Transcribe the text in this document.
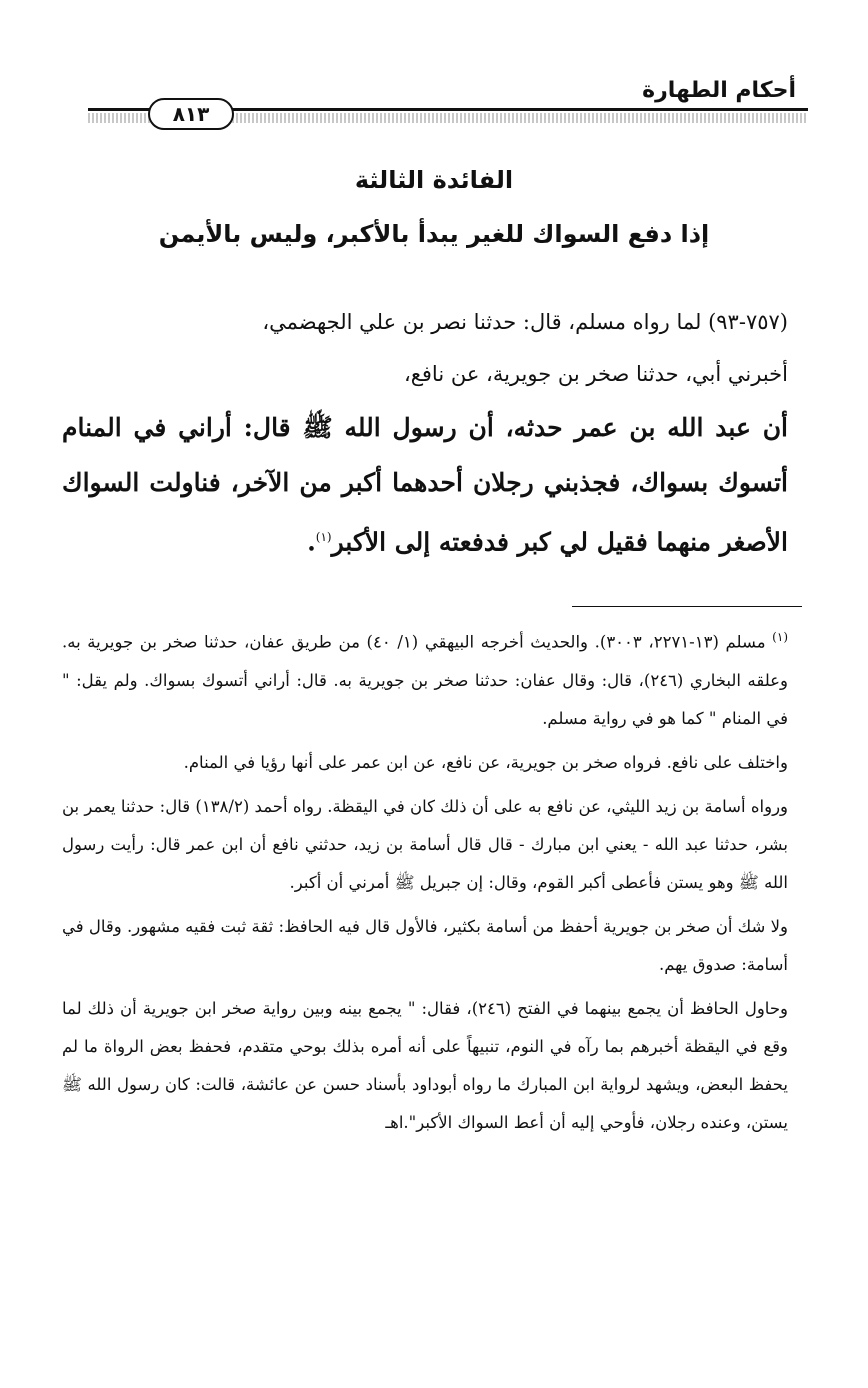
أحكام الطهارة
٨١٣
الفائدة الثالثة
إذا دفع السواك للغير يبدأ بالأكبر، وليس بالأيمن

(٧٥٧-٩٣) لما رواه مسلم، قال: حدثنا نصر بن علي الجهضمي،

أخبرني أبي، حدثنا صخر بن جويرية، عن نافع،

أن عبد الله بن عمر حدثه، أن رسول الله ﷺ قال: أراني في المنام
أتسوك بسواك، فجذبني رجلان أحدهما أكبر من الآخر، فناولت السواك
الأصغر منهما فقيل لي كبر فدفعته إلى الأكبر$^{(١)}$.

$^{(١)}$ مسلم (١٣-٢٢٧١، ٣٠٠٣). والحديث أخرجه البيهقي (١/ ٤٠) من طريق عفان، حدثنا صخر بن جويرية به. وعلقه البخاري (٢٤٦)، قال: وقال عفان: حدثنا صخر بن جويرية به. قال: أراني أتسوك بسواك. ولم يقل: " في المنام " كما هو في رواية مسلم.

واختلف على نافع. فرواه صخر بن جويرية، عن نافع، عن ابن عمر على أنها رؤيا في المنام.

ورواه أسامة بن زيد الليثي، عن نافع به على أن ذلك كان في اليقظة. رواه أحمد (١٣٨/٢) قال: حدثنا يعمر بن بشر، حدثنا عبد الله - يعني ابن مبارك - قال قال أسامة بن زيد، حدثني نافع أن ابن عمر قال: رأيت رسول الله ﷺ وهو يستن فأعطى أكبر القوم، وقال: إن جبريل ﷺ أمرني أن أكبر.

ولا شك أن صخر بن جويرية أحفظ من أسامة بكثير، فالأول قال فيه الحافظ: ثقة ثبت فقيه مشهور. وقال في أسامة: صدوق يهم.

وحاول الحافظ أن يجمع بينهما في الفتح (٢٤٦)، فقال: " يجمع بينه وبين رواية صخر ابن جويرية أن ذلك لما وقع في اليقظة أخبرهم بما رآه في النوم، تنبيهاً على أنه أمره بذلك بوحي متقدم، فحفظ بعض الرواة ما لم يحفظ البعض، ويشهد لرواية ابن المبارك ما رواه أبوداود بأسناد حسن عن عائشة، قالت: كان رسول الله ﷺ يستن، وعنده رجلان، فأوحي إليه أن أعط السواك الأكبر".اهـ
